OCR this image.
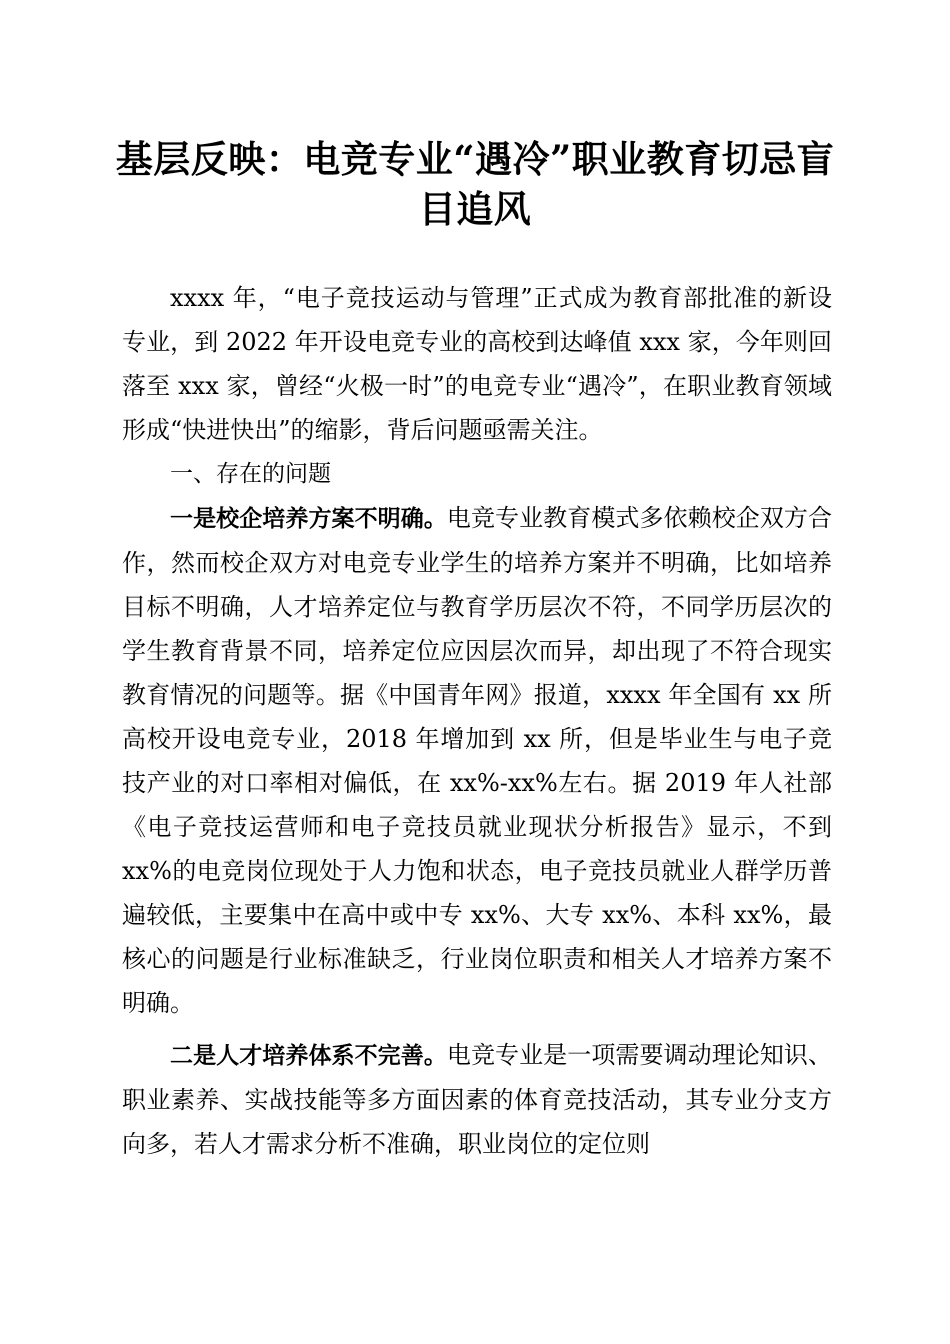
基层反映：电竞专业“遇冷”职业教育切忌盲
目追风

xxxx 年，“电子竞技运动与管理”正式成为教育部批准的新设专业，到 2022 年开设电竞专业的高校到达峰值 xxx 家，今年则回落至 xxx 家，曾经“火极一时”的电竞专业“遇冷”，在职业教育领域形成“快进快出”的缩影，背后问题亟需关注。

一、存在的问题

一是校企培养方案不明确。电竞专业教育模式多依赖校企双方合作，然而校企双方对电竞专业学生的培养方案并不明确，比如培养目标不明确，人才培养定位与教育学历层次不符，不同学历层次的学生教育背景不同，培养定位应因层次而异，却出现了不符合现实教育情况的问题等。据《中国青年网》报道，xxxx 年全国有 xx 所高校开设电竞专业，2018 年增加到 xx 所，但是毕业生与电子竞技产业的对口率相对偏低，在 xx%-xx%左右。据 2019 年人社部《电子竞技运营师和电子竞技员就业现状分析报告》显示，不到 xx%的电竞岗位现处于人力饱和状态，电子竞技员就业人群学历普遍较低，主要集中在高中或中专 xx%、大专 xx%、本科 xx%，最核心的问题是行业标准缺乏，行业岗位职责和相关人才培养方案不明确。

二是人才培养体系不完善。电竞专业是一项需要调动理论知识、职业素养、实战技能等多方面因素的体育竞技活动，其专业分支方向多，若人才需求分析不准确，职业岗位的定位则
